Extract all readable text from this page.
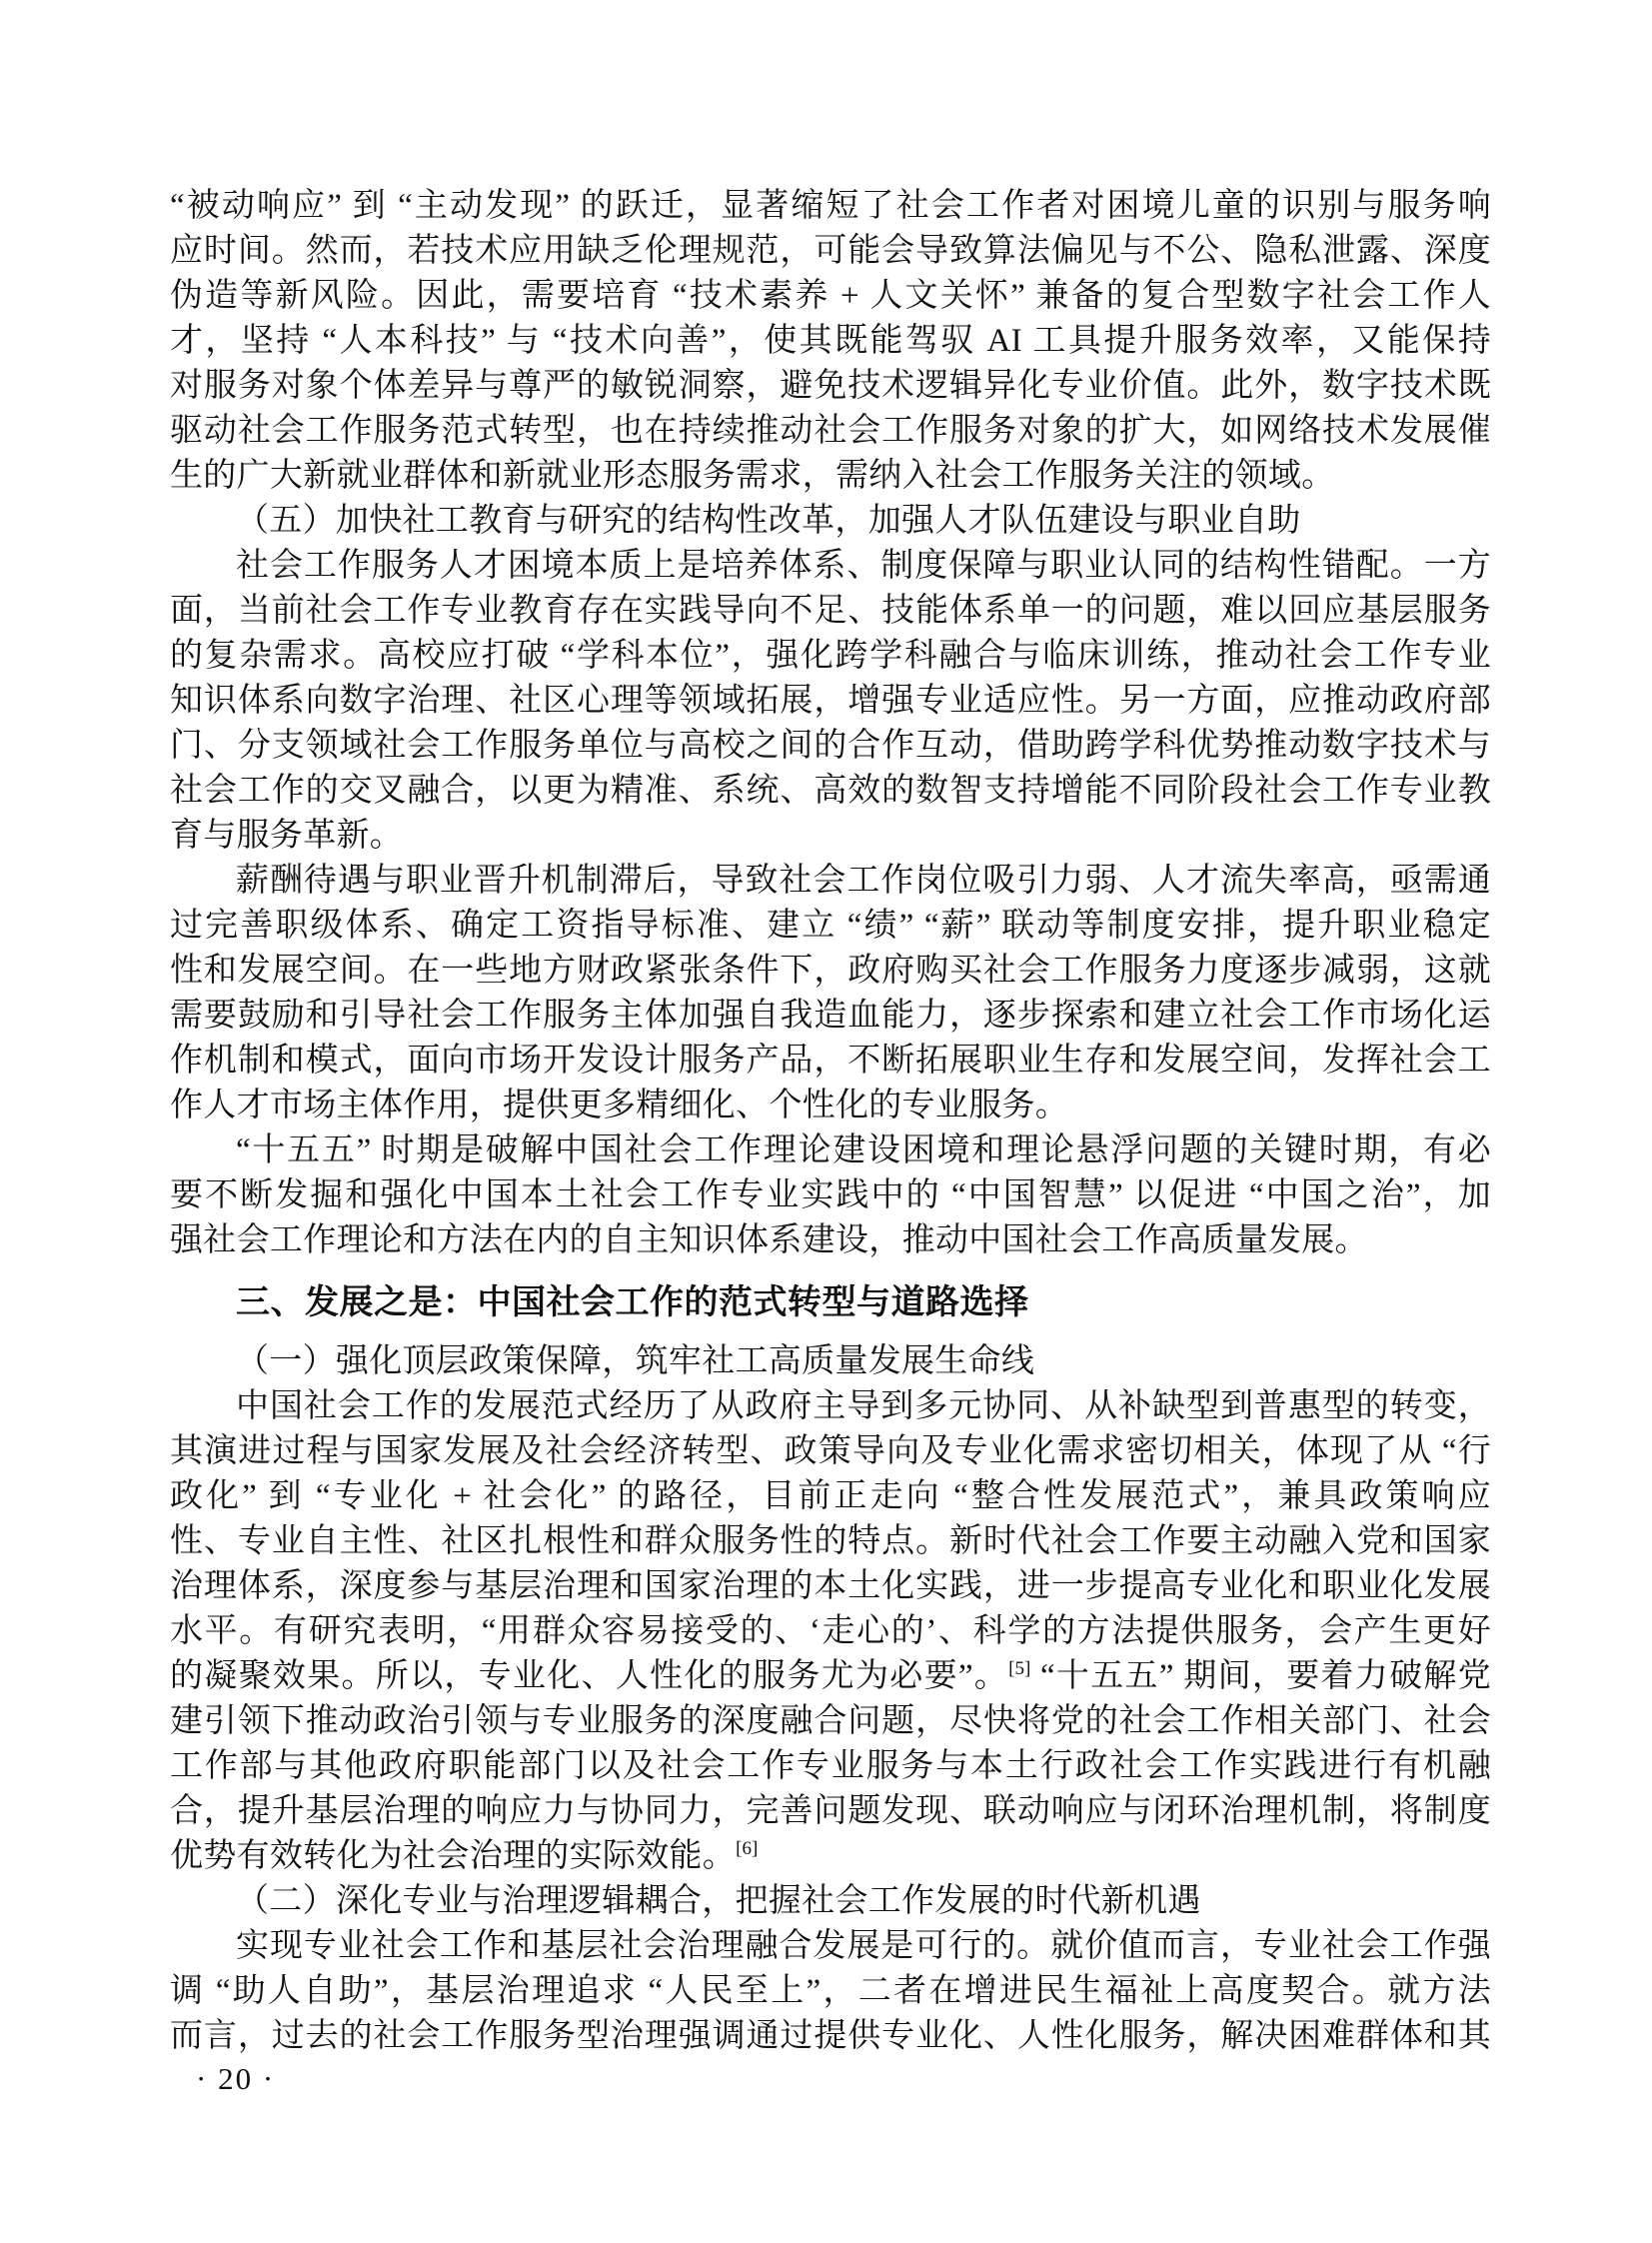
“被动响应” 到 “主动发现” 的跃迁，显著缩短了社会工作者对困境儿童的识别与服务响
应时间。然而，若技术应用缺乏伦理规范，可能会导致算法偏见与不公、隐私泄露、深度
伪造等新风险。因此，需要培育 “技术素养 + 人文关怀” 兼备的复合型数字社会工作人
才，坚持 “人本科技” 与 “技术向善”，使其既能驾驭 AI 工具提升服务效率，又能保持
对服务对象个体差异与尊严的敏锐洞察，避免技术逻辑异化专业价值。此外，数字技术既
驱动社会工作服务范式转型，也在持续推动社会工作服务对象的扩大，如网络技术发展催
生的广大新就业群体和新就业形态服务需求，需纳入社会工作服务关注的领域。
（五）加快社工教育与研究的结构性改革，加强人才队伍建设与职业自助
社会工作服务人才困境本质上是培养体系、制度保障与职业认同的结构性错配。一方
面，当前社会工作专业教育存在实践导向不足、技能体系单一的问题，难以回应基层服务
的复杂需求。高校应打破 “学科本位”，强化跨学科融合与临床训练，推动社会工作专业
知识体系向数字治理、社区心理等领域拓展，增强专业适应性。另一方面，应推动政府部
门、分支领域社会工作服务单位与高校之间的合作互动，借助跨学科优势推动数字技术与
社会工作的交叉融合，以更为精准、系统、高效的数智支持增能不同阶段社会工作专业教
育与服务革新。
薪酬待遇与职业晋升机制滞后，导致社会工作岗位吸引力弱、人才流失率高，亟需通
过完善职级体系、确定工资指导标准、建立 “绩” “薪” 联动等制度安排，提升职业稳定
性和发展空间。在一些地方财政紧张条件下，政府购买社会工作服务力度逐步减弱，这就
需要鼓励和引导社会工作服务主体加强自我造血能力，逐步探索和建立社会工作市场化运
作机制和模式，面向市场开发设计服务产品，不断拓展职业生存和发展空间，发挥社会工
作人才市场主体作用，提供更多精细化、个性化的专业服务。
“十五五” 时期是破解中国社会工作理论建设困境和理论悬浮问题的关键时期，有必
要不断发掘和强化中国本土社会工作专业实践中的 “中国智慧” 以促进 “中国之治”，加
强社会工作理论和方法在内的自主知识体系建设，推动中国社会工作高质量发展。
三、发展之是：中国社会工作的范式转型与道路选择
（一）强化顶层政策保障，筑牢社工高质量发展生命线
中国社会工作的发展范式经历了从政府主导到多元协同、从补缺型到普惠型的转变，
其演进过程与国家发展及社会经济转型、政策导向及专业化需求密切相关，体现了从 “行
政化” 到 “专业化 + 社会化” 的路径，目前正走向 “整合性发展范式”，兼具政策响应
性、专业自主性、社区扎根性和群众服务性的特点。新时代社会工作要主动融入党和国家
治理体系，深度参与基层治理和国家治理的本土化实践，进一步提高专业化和职业化发展
水平。有研究表明，“用群众容易接受的、‘走心的’、科学的方法提供服务，会产生更好
的凝聚效果。所以，专业化、人性化的服务尤为必要”。[5] “十五五” 期间，要着力破解党
建引领下推动政治引领与专业服务的深度融合问题，尽快将党的社会工作相关部门、社会
工作部与其他政府职能部门以及社会工作专业服务与本土行政社会工作实践进行有机融
合，提升基层治理的响应力与协同力，完善问题发现、联动响应与闭环治理机制，将制度
优势有效转化为社会治理的实际效能。[6]
（二）深化专业与治理逻辑耦合，把握社会工作发展的时代新机遇
实现专业社会工作和基层社会治理融合发展是可行的。就价值而言，专业社会工作强
调 “助人自助”，基层治理追求 “人民至上”，二者在增进民生福祉上高度契合。就方法
而言，过去的社会工作服务型治理强调通过提供专业化、人性化服务，解决困难群体和其
· 20 ·
